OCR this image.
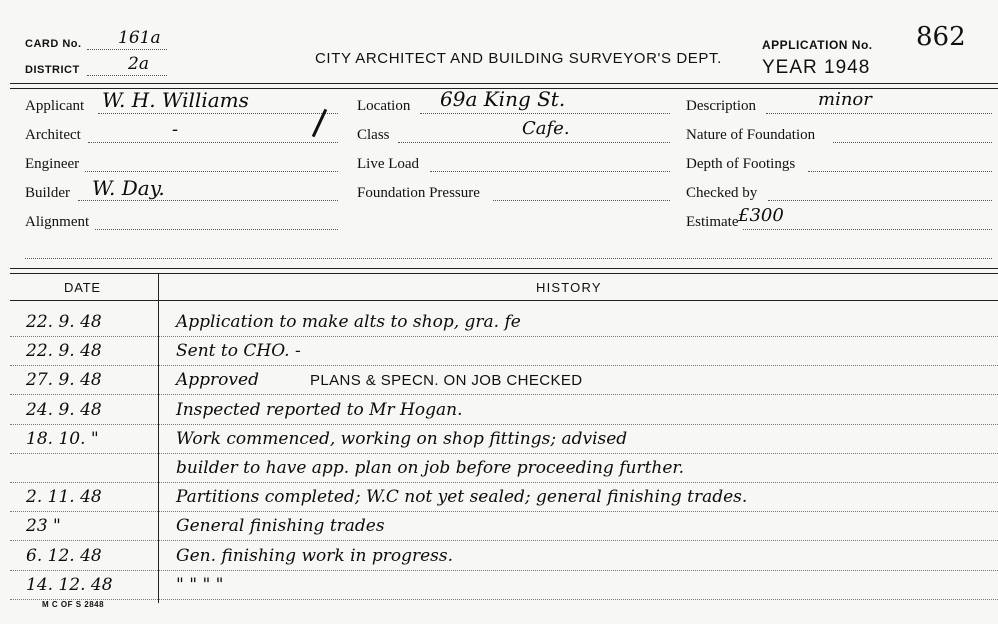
CARD No. 161a
DISTRICT	2a	CITY ARCHITECT AND BUILDING SURVEYOR'S DEPT.
APPLICATION No. 862
YEAR 1948
Applicant W. H. Williams
Architect	-
Engineer
Builder W. Day.
Alignment
Location 69a King St.
Class	Cafe.
Live Load
Foundation Pressure
Description	minor
Nature of Foundation
Depth of Footings
Checked by
Estimate £300
DATE	HISTORY
22. 9. 48	Application to make alts to shop, gra. fe
22. 9. 48	Sent to CHO. -
27. 9. 48	Approved	PLANS & SPECN. ON JOB CHECKED
24. 9. 48	Inspected reported to Mr Hogan.
18. 10. "	Work commenced, working on shop fittings; advised
builder to have app. plan on job before proceeding further.
2. 11. 48	Partitions completed; W.C not yet sealed; general finishing trades.
23 "	General finishing trades
6. 12. 48	Gen. finishing work in progress.
14. 12. 48	" " " "
M C OF S 2848
